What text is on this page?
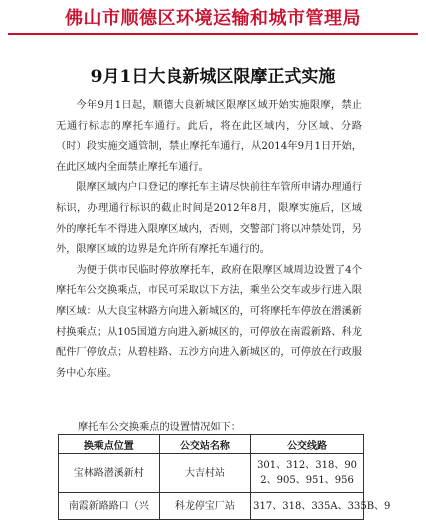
佛山市顺德区环境运输和城市管理局
9月1日大良新城区限摩正式实施

今年9月1日起，顺德大良新城区限摩区域开始实施限摩，禁止无通行标志的摩托车通行。此后，将在此区域内，分区域、分路（时）段实施交通管制，禁止摩托车通行，从2014年9月1日开始，在此区域内全面禁止摩托车通行。

限摩区域内户口登记的摩托车主请尽快前往车管所申请办理通行标识，办理通行标识的截止时间是2012年8月，限摩实施后，区域外的摩托车不得进入限摩区域内，否则，交警部门将以冲禁处罚，另外，限摩区域的边界是允许所有摩托车通行的。

为便于供市民临时停放摩托车，政府在限摩区域周边设置了4个摩托车公交换乘点，市民可采取以下方法，乘坐公交车或步行进入限摩区域：从大良宝林路方向进入新城区的，可将摩托车停放在潜溪新村换乘点；从105国道方向进入新城区的，可停放在南霞新路、科龙配件厂停放点；从碧桂路、五沙方向进入新城区的，可停放在行政服务中心东座。

摩托车公交换乘点的设置情况如下：
换乘点位置	公交站名称	公交线路
宝林路潜溪新村	大吉村站	301、312、318、902、905、951、956
南霞新路路口（兴	科龙停宝厂站	317、318、335A、335B、9
